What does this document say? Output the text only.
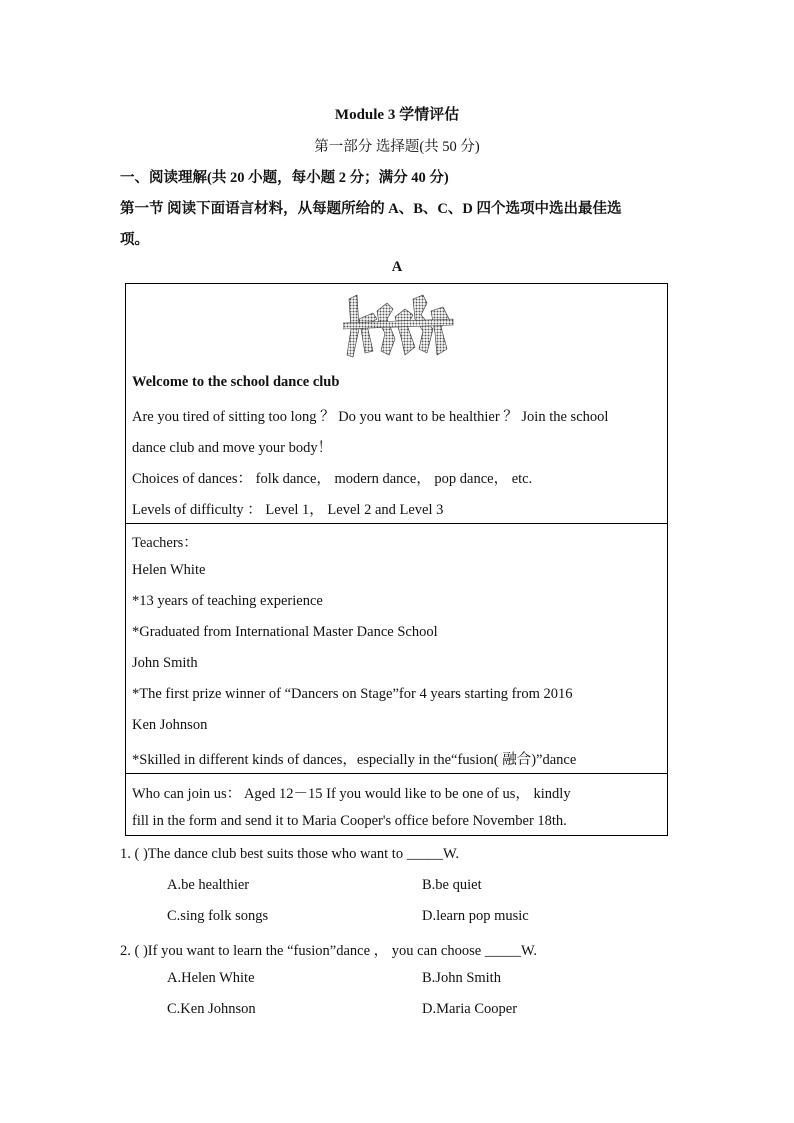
Module 3 学情评估
第一部分 选择题(共 50 分)
一、阅读理解(共 20 小题，每小题 2 分；满分 40 分)
第一节 阅读下面语言材料，从每题所给的 A、B、C、D 四个选项中选出最佳选
项。
A
Welcome to the school dance club
Are you tired of sitting too long ？ Do you want to be healthier ？ Join the school
dance club and move your body！
Choices of dances： folk dance， modern dance， pop dance， etc.
Levels of difficulty ： Level 1， Level 2 and Level 3
Teachers：
Helen White
*13 years of teaching experience
*Graduated from International Master Dance School
John Smith
*The first prize winner of “Dancers on Stage”for 4 years starting from 2016
Ken Johnson
*Skilled in different kinds of dances，especially in the“fusion( 融合)”dance
Who can join us： Aged 12－15 If you would like to be one of us， kindly
fill in the form and send it to Maria Cooper's office before November 18th.
1. ( )The dance club best suits those who want to _____W.
A.be healthier	B.be quiet
C.sing folk songs	D.learn pop music
2. ( )If you want to learn the “fusion”dance ， you can choose _____W.
A.Helen White	B.John Smith
C.Ken Johnson	D.Maria Cooper
